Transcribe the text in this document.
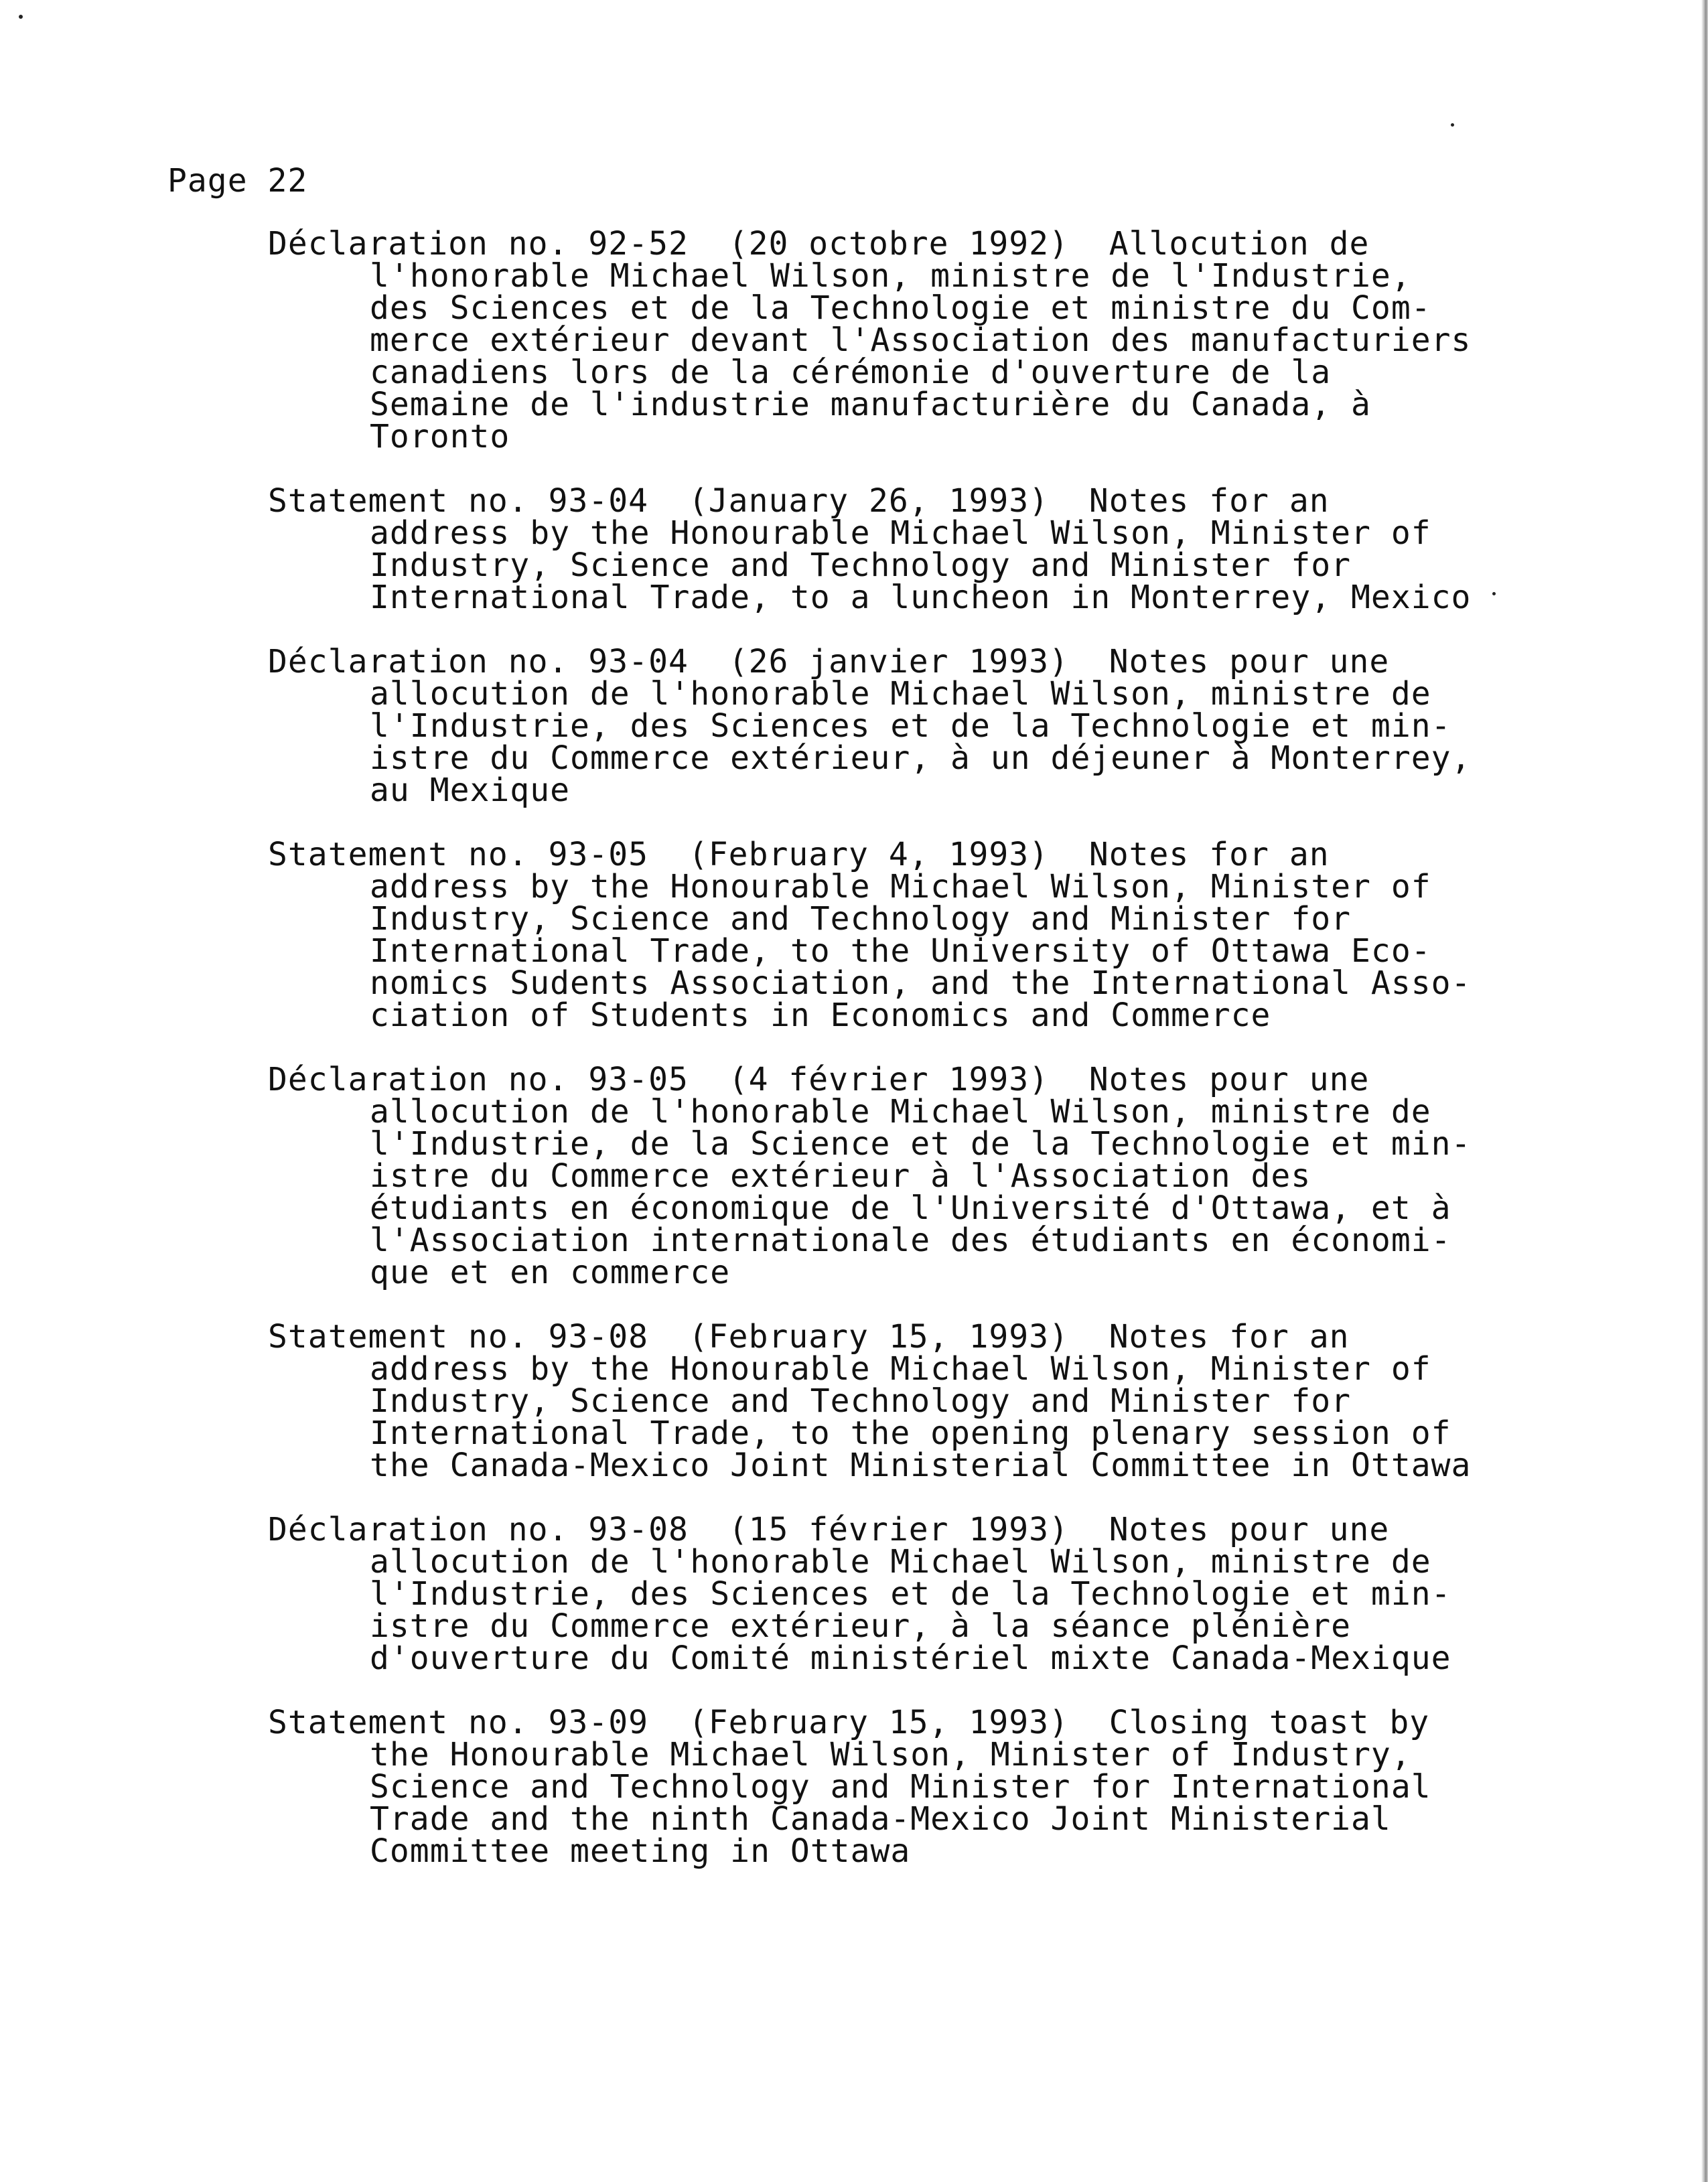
Page 22
Déclaration no. 92-52  (20 octobre 1992)  Allocution de
l'honorable Michael Wilson, ministre de l'Industrie,
des Sciences et de la Technologie et ministre du Com-
merce extérieur devant l'Association des manufacturiers
canadiens lors de la cérémonie d'ouverture de la
Semaine de l'industrie manufacturière du Canada, à
Toronto
Statement no. 93-04  (January 26, 1993)  Notes for an
address by the Honourable Michael Wilson, Minister of
Industry, Science and Technology and Minister for
International Trade, to a luncheon in Monterrey, Mexico
Déclaration no. 93-04  (26 janvier 1993)  Notes pour une
allocution de l'honorable Michael Wilson, ministre de
l'Industrie, des Sciences et de la Technologie et min-
istre du Commerce extérieur, à un déjeuner à Monterrey,
au Mexique
Statement no. 93-05  (February 4, 1993)  Notes for an
address by the Honourable Michael Wilson, Minister of
Industry, Science and Technology and Minister for
International Trade, to the University of Ottawa Eco-
nomics Sudents Association, and the International Asso-
ciation of Students in Economics and Commerce
Déclaration no. 93-05  (4 février 1993)  Notes pour une
allocution de l'honorable Michael Wilson, ministre de
l'Industrie, de la Science et de la Technologie et min-
istre du Commerce extérieur à l'Association des
étudiants en économique de l'Université d'Ottawa, et à
l'Association internationale des étudiants en économi-
que et en commerce
Statement no. 93-08  (February 15, 1993)  Notes for an
address by the Honourable Michael Wilson, Minister of
Industry, Science and Technology and Minister for
International Trade, to the opening plenary session of
the Canada-Mexico Joint Ministerial Committee in Ottawa
Déclaration no. 93-08  (15 février 1993)  Notes pour une
allocution de l'honorable Michael Wilson, ministre de
l'Industrie, des Sciences et de la Technologie et min-
istre du Commerce extérieur, à la séance plénière
d'ouverture du Comité ministériel mixte Canada-Mexique
Statement no. 93-09  (February 15, 1993)  Closing toast by
the Honourable Michael Wilson, Minister of Industry,
Science and Technology and Minister for International
Trade and the ninth Canada-Mexico Joint Ministerial
Committee meeting in Ottawa
